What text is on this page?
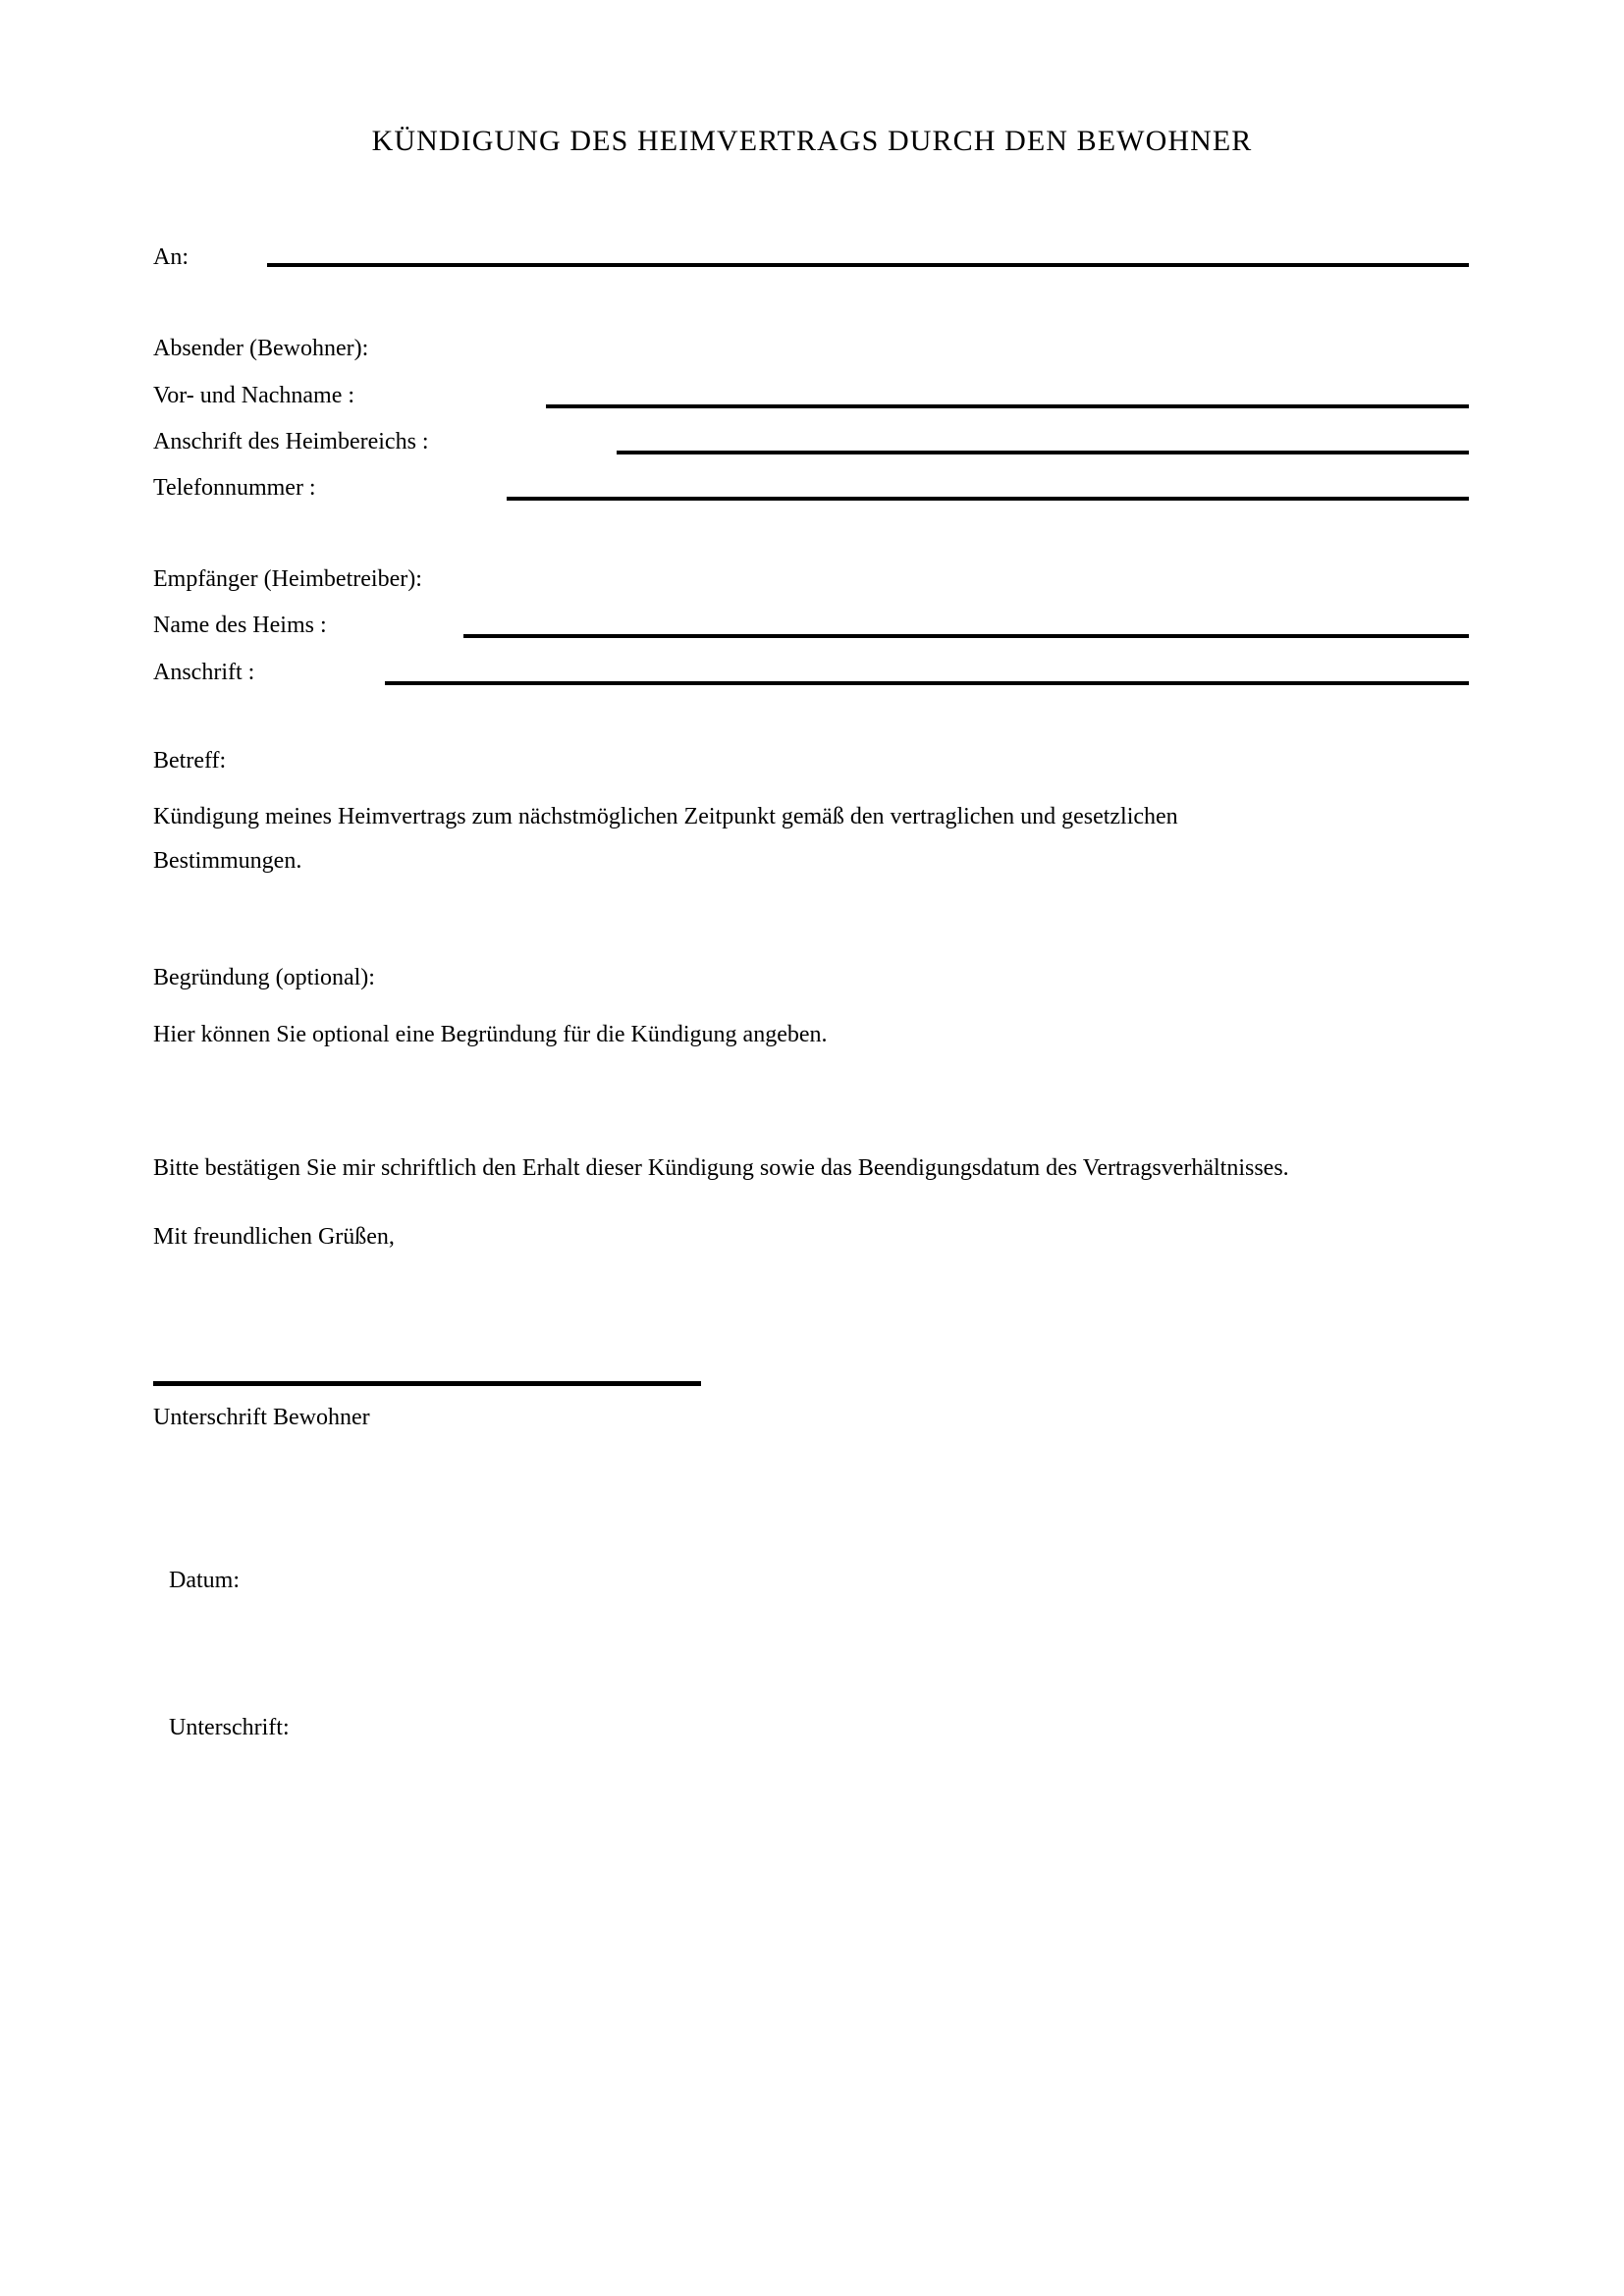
KÜNDIGUNG DES HEIMVERTRAGS DURCH DEN BEWOHNER
An:
Absender (Bewohner):
Vor- und Nachname :
Anschrift des Heimbereichs :
Telefonnummer :
Empfänger (Heimbetreiber):
Name des Heims :
Anschrift :
Betreff:
Kündigung meines Heimvertrags zum nächstmöglichen Zeitpunkt gemäß den vertraglichen und gesetzlichen
Bestimmungen.
Begründung (optional):
Hier können Sie optional eine Begründung für die Kündigung angeben.
Bitte bestätigen Sie mir schriftlich den Erhalt dieser Kündigung sowie das Beendigungsdatum des Vertragsverhältnisses.
Mit freundlichen Grüßen,
Unterschrift Bewohner
Datum:
Unterschrift:
